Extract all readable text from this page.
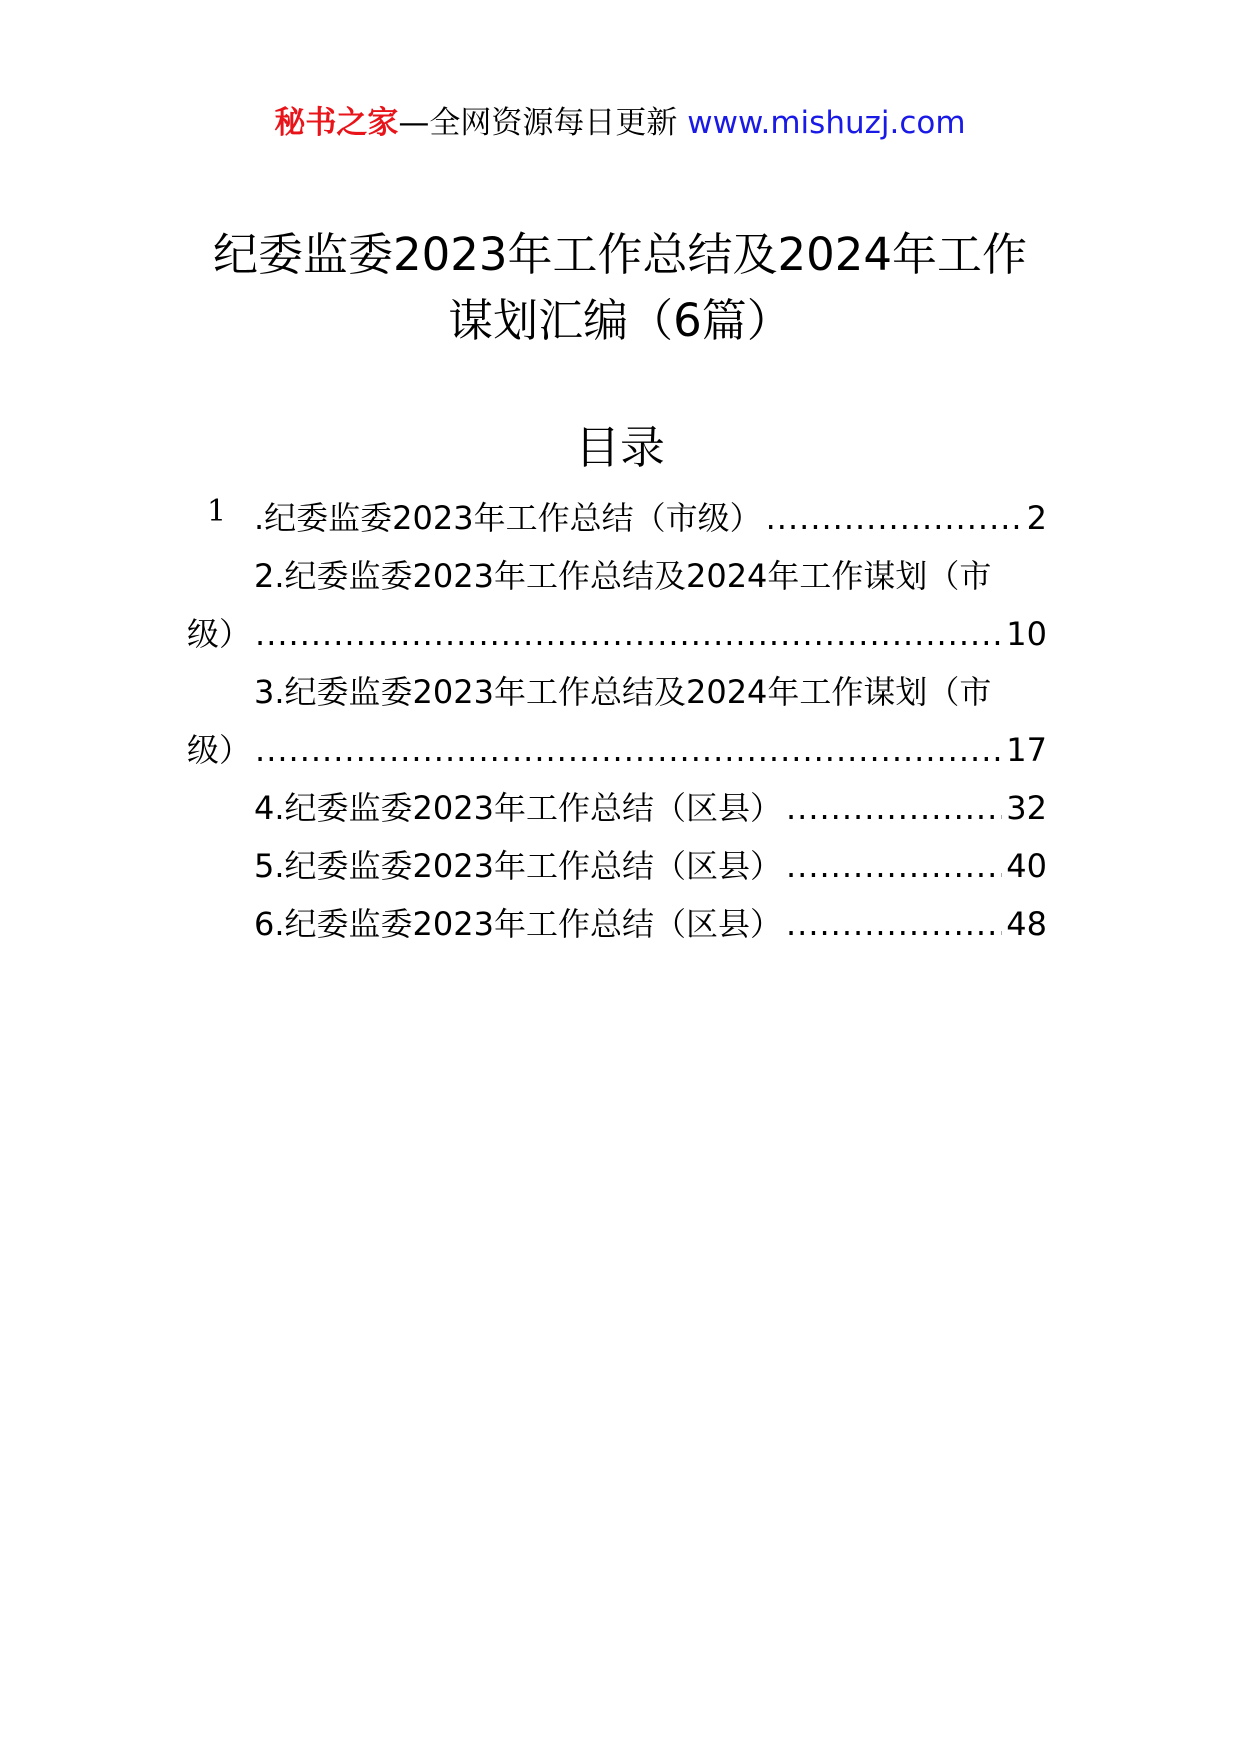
秘书之家—全网资源每日更新 www.mishuzj.com
纪委监委2023年工作总结及2024年工作
谋划汇编（6篇）
目录
1 .纪委监委2023年工作总结（市级） .....	2
2.纪委监委2023年工作总结及2024年工作谋划（市
级） .....	10
3.纪委监委2023年工作总结及2024年工作谋划（市
级） .....	17
4.纪委监委2023年工作总结（区县） .....	32
5.纪委监委2023年工作总结（区县） .....	40
6.纪委监委2023年工作总结（区县） .....	48
